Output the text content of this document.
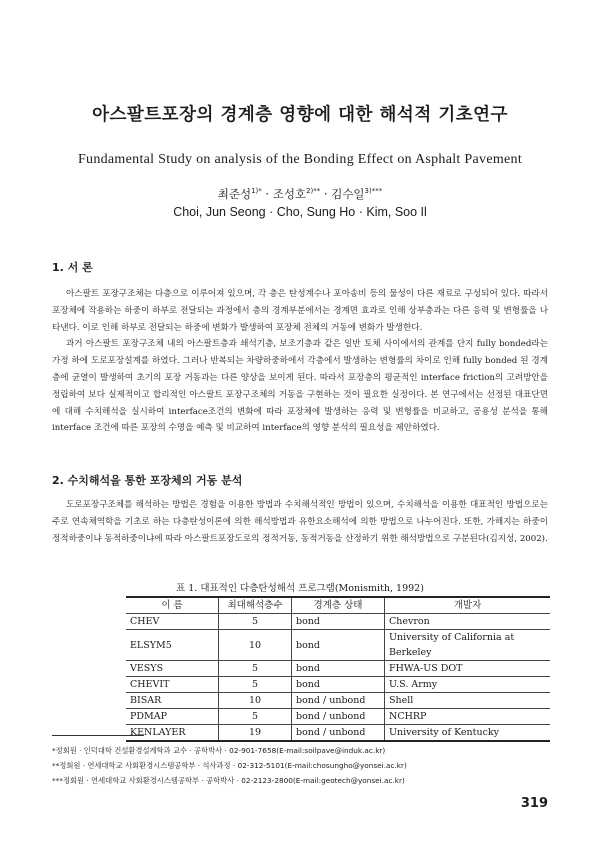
아스팔트포장의 경계층 영향에 대한 해석적 기초연구
Fundamental Study on analysis of the Bonding Effect on Asphalt Pavement
최준성$^{1)*}$ · 조성호$^{2)**}$ · 김수일$^{3)***}$
Choi, Jun Seong · Cho, Sung Ho · Kim, Soo Il
1. 서 론

아스팔트 포장구조체는 다층으로 이루어져 있으며, 각 층은 탄성계수나 포아송비 등의 물성이 다른 재료로 구성되어 있다. 따라서 포장체에 작용하는 하중이 하부로 전달되는 과정에서 층의 경계부분에서는 경계면 효과로 인해 상부층과는 다른 응력 및 변형률을 나타낸다. 이로 인해 하부로 전달되는 하중에 변화가 발생하여 포장체 전체의 거동에 변화가 발생한다.

과거 아스팔트 포장구조체 내의 아스팔트층과 쇄석기층, 보조기층과 같은 일반 토체 사이에서의 관계를 단지 fully bonded라는 가정 하에 도로포장설계를 하였다. 그러나 반복되는 차량하중하에서 각층에서 발생하는 변형률의 차이로 인해 fully bonded 된 경계층에 균열이 발생하여 초기의 포장 거동과는 다른 양상을 보이게 된다. 따라서 포장층의 평균적인 interface friction의 고려방안을 정립하여 보다 실제적이고 합리적인 아스팔트 포장구조체의 거동을 구현하는 것이 필요한 실정이다. 본 연구에서는 선정된 대표단면에 대해 수치해석을 실시하여 interface조건의 변화에 따라 포장체에 발생하는 응력 및 변형률을 비교하고, 공용성 분석을 통해 interface 조건에 따른 포장의 수명을 예측 및 비교하여 interface의 영향 분석의 필요성을 제안하였다.

2. 수치해석을 통한 포장체의 거동 분석

도로포장구조체를 해석하는 방법은 경험을 이용한 방법과 수치해석적인 방법이 있으며, 수치해석을 이용한 대표적인 방법으로는 주로 연속체역학을 기초로 하는 다층탄성이론에 의한 해석방법과 유한요소해석에 의한 방법으로 나누어진다. 또한, 가해지는 하중이 정적하중이냐 동적하중이냐에 따라 아스팔트포장도로의 정적거동, 동적거동을 산정하기 위한 해석방법으로 구분된다(김지성, 2002).

표 1. 대표적인 다층탄성해석 프로그램(Monismith, 1992)
이 름	최대해석층수	경계층 상태	개발자
CHEV	5	bond	Chevron
ELSYM5	10	bond	University of California at Berkeley
VESYS	5	bond	FHWA-US DOT
CHEVIT	5	bond	U.S. Army
BISAR	10	bond / unbond	Shell
PDMAP	5	bond / unbond	NCHRP
KENLAYER	19	bond / unbond	University of Kentucky
*정회원 · 인덕대학 건설환경설계학과 교수 · 공학박사 · 02-901-7658(E-mail:soilpave@induk.ac.kr)
**정회원 · 연세대학교 사회환경시스템공학부 · 석사과정 · 02-312-5101(E-mail:chosungho@yonsei.ac.kr)
***정회원 · 연세대학교 사회환경시스템공학부 · 공학박사 · 02-2123-2800(E-mail:geotech@yonsei.ac.kr)
319
